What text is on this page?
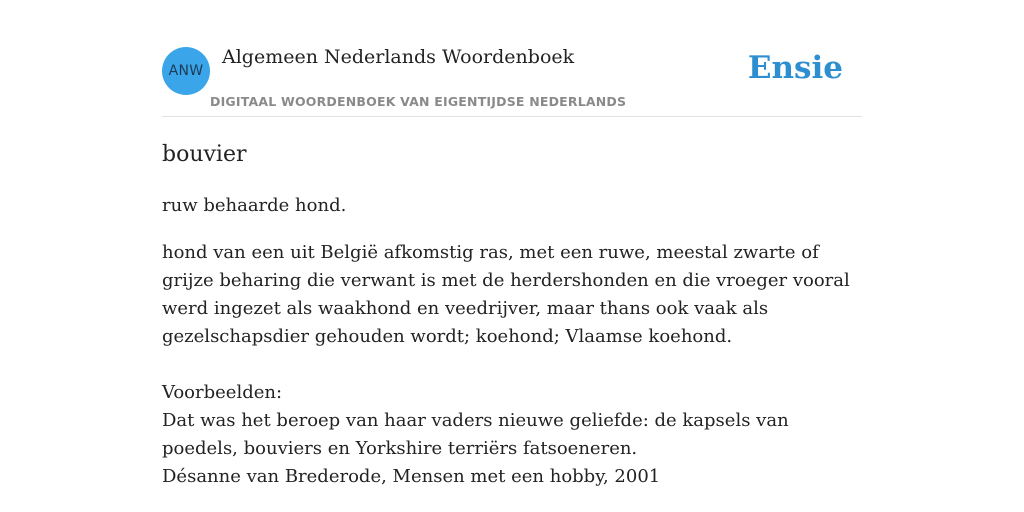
ANW
Algemeen Nederlands Woordenboek
DIGITAAL WOORDENBOEK VAN EIGENTIJDSE NEDERLANDS
Ensie
bouvier
ruw behaarde hond.
hond van een uit België afkomstig ras, met een ruwe, meestal zwarte of grijze beharing die verwant is met de herdershonden en die vroeger vooral werd ingezet als waakhond en veedrijver, maar thans ook vaak als gezelschapsdier gehouden wordt; koehond; Vlaamse koehond.
Voorbeelden:
Dat was het beroep van haar vaders nieuwe geliefde: de kapsels van poedels, bouviers en Yorkshire terriërs fatsoeneren.
Désanne van Brederode, Mensen met een hobby, 2001
